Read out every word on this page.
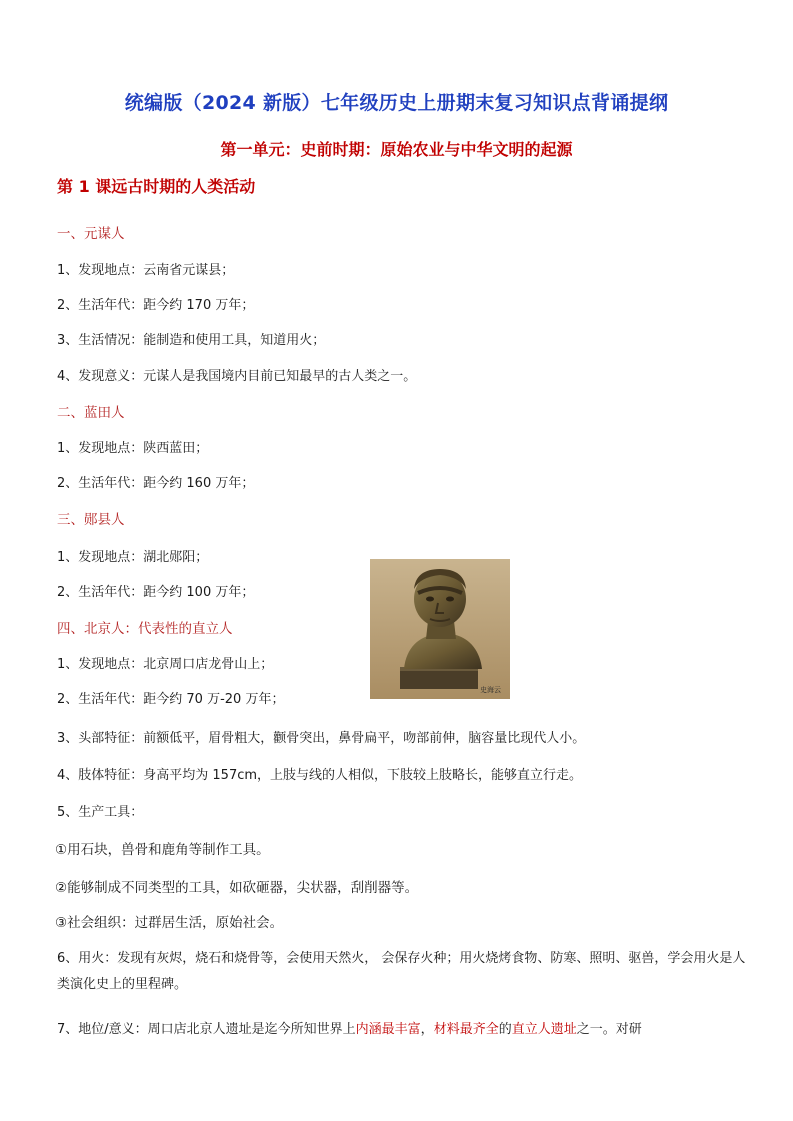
统编版（2024 新版）七年级历史上册期末复习知识点背诵提纲
第一单元：史前时期：原始农业与中华文明的起源
第 1 课远古时期的人类活动
一、元谋人
1、发现地点：云南省元谋县；
2、生活年代：距今约 170 万年；
3、生活情况：能制造和使用工具，知道用火；
4、发现意义：元谋人是我国境内目前已知最早的古人类之一。
二、蓝田人
1、发现地点：陕西蓝田；
2、生活年代：距今约 160 万年；
三、郧县人
1、发现地点：湖北郧阳；
2、生活年代：距今约 100 万年；
史海云
四、北京人：代表性的直立人
1、发现地点：北京周口店龙骨山上；
2、生活年代：距今约 70 万-20 万年；
3、头部特征：前额低平，眉骨粗大，颧骨突出，鼻骨扁平，吻部前伸，脑容量比现代人小。
4、肢体特征：身高平均为 157cm，上肢与线的人相似，下肢较上肢略长，能够直立行走。
5、生产工具：
①用石块，兽骨和鹿角等制作工具。
②能够制成不同类型的工具，如砍砸器，尖状器，刮削器等。
③社会组织：过群居生活，原始社会。
6、用火：发现有灰烬，烧石和烧骨等，会使用天然火， 会保存火种；用火烧烤食物、防寒、照明、驱兽，学会用火是人类演化史上的里程碑。
7、地位/意义：周口店北京人遗址是迄今所知世界上内涵最丰富，材料最齐全的直立人遗址之一。对研
